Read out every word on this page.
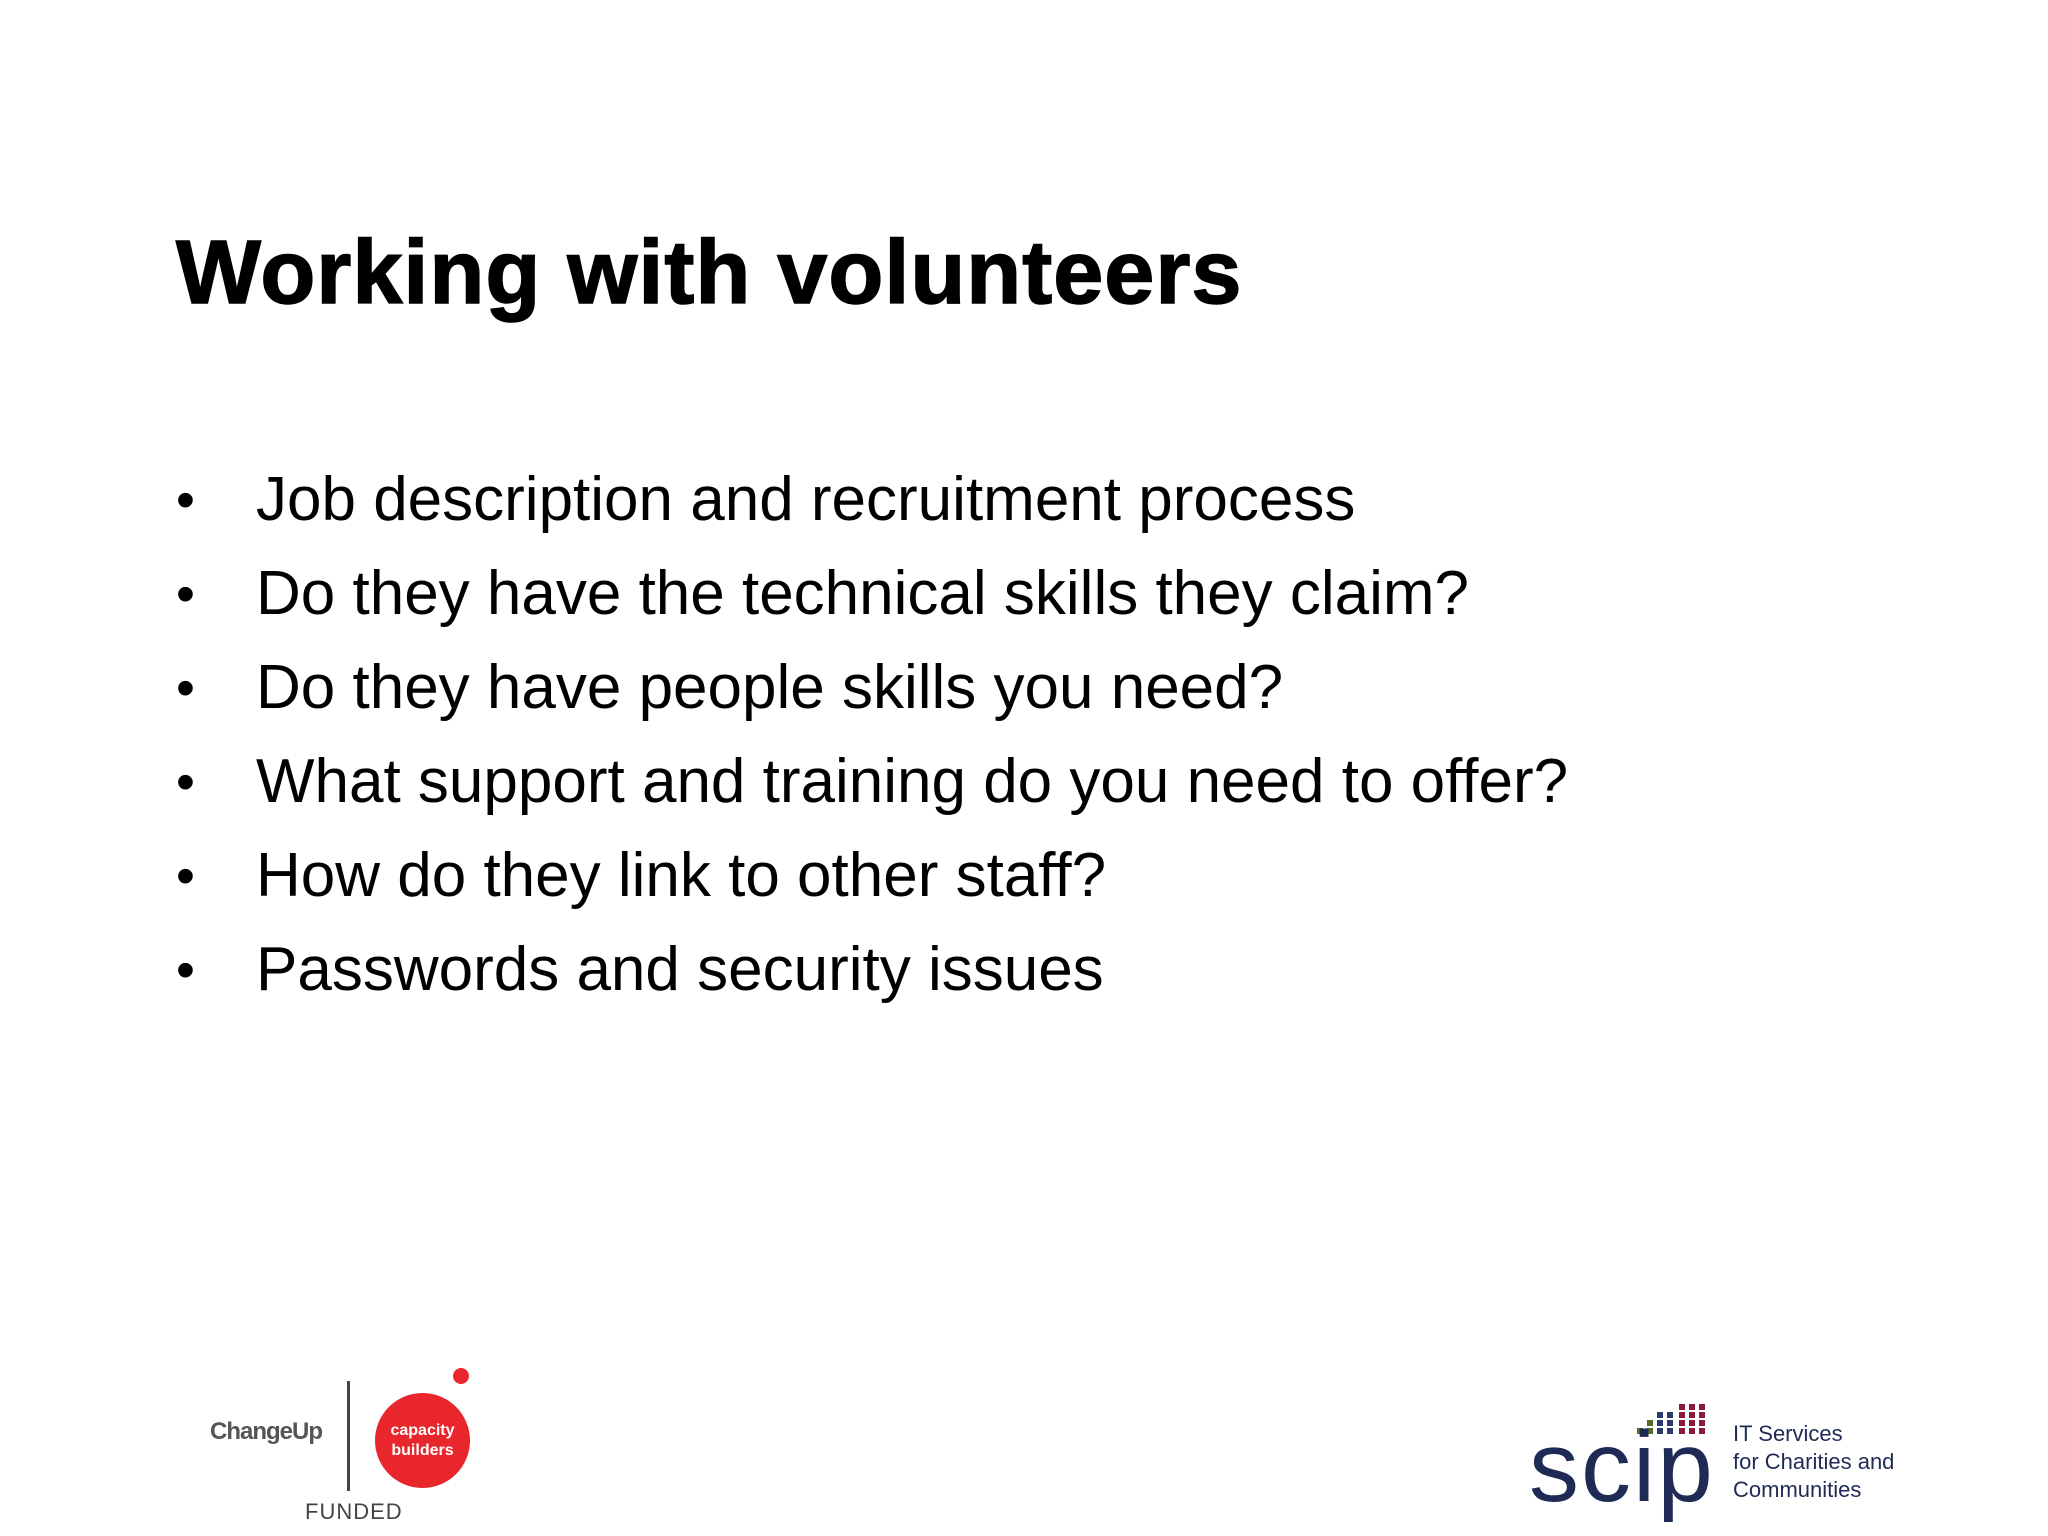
Working with volunteers
• Job description and recruitment process
• Do they have the technical skills they claim?
• Do they have people skills you need?
• What support and training do you need to offer?
• How do they link to other staff?
• Passwords and security issues
ChangeUp	capacity
builders
FUNDED	scip IT Services
for Charities and
Communities
